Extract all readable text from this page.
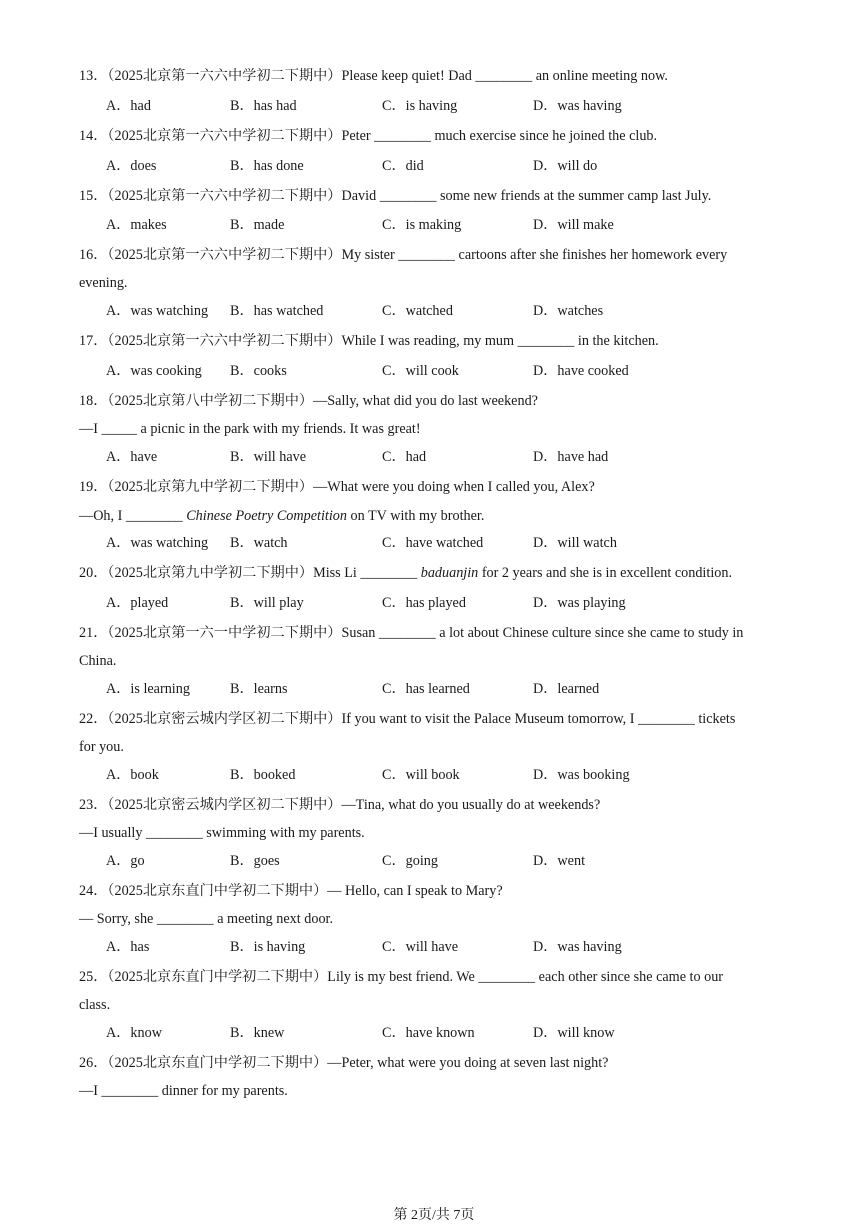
13．（2025北京第一六六中学初二下期中）Please keep quiet! Dad ________ an online meeting now.
A．had	B．has had	C．is having	D．was having
14．（2025北京第一六六中学初二下期中）Peter ________ much exercise since he joined the club.
A．does	B．has done	C．did	D．will do
15．（2025北京第一六六中学初二下期中）David ________ some new friends at the summer camp last July.
A．makes	B．made	C．is making	D．will make
16．（2025北京第一六六中学初二下期中）My sister ________ cartoons after she finishes her homework every
evening.
A．was watching B．has watched	C．watched	D．watches
17．（2025北京第一六六中学初二下期中）While I was reading, my mum ________ in the kitchen.
A．was cooking B．cooks	C．will cook	D．have cooked
18．（2025北京第八中学初二下期中）—Sally, what did you do last weekend?
—I _____ a picnic in the park with my friends. It was great!
A．have	B．will have	C．had	D．have had
19．（2025北京第九中学初二下期中）—What were you doing when I called you, Alex?
—Oh, I ________ Chinese Poetry Competition on TV with my brother.
A．was watching B．watch	C．have watched	D．will watch
20．（2025北京第九中学初二下期中）Miss Li ________ baduanjin for 2 years and she is in excellent condition.
A．played	B．will play	C．has played	D．was playing
21．（2025北京第一六一中学初二下期中）Susan ________ a lot about Chinese culture since she came to study in
China.
A．is learning	B．learns	C．has learned	D．learned
22．（2025北京密云城内学区初二下期中）If you want to visit the Palace Museum tomorrow, I ________ tickets
for you.
A．book	B．booked	C．will book	D．was booking
23．（2025北京密云城内学区初二下期中）—Tina, what do you usually do at weekends?
—I usually ________ swimming with my parents.
A．go	B．goes	C．going	D．went
24．（2025北京东直门中学初二下期中）— Hello, can I speak to Mary?
— Sorry, she ________ a meeting next door.
A．has	B．is having	C．will have	D．was having
25．（2025北京东直门中学初二下期中）Lily is my best friend. We ________ each other since she came to our
class.
A．know	B．knew	C．have known	D．will know
26．（2025北京东直门中学初二下期中）—Peter, what were you doing at seven last night?
—I ________ dinner for my parents.
第 2页/共 7页
